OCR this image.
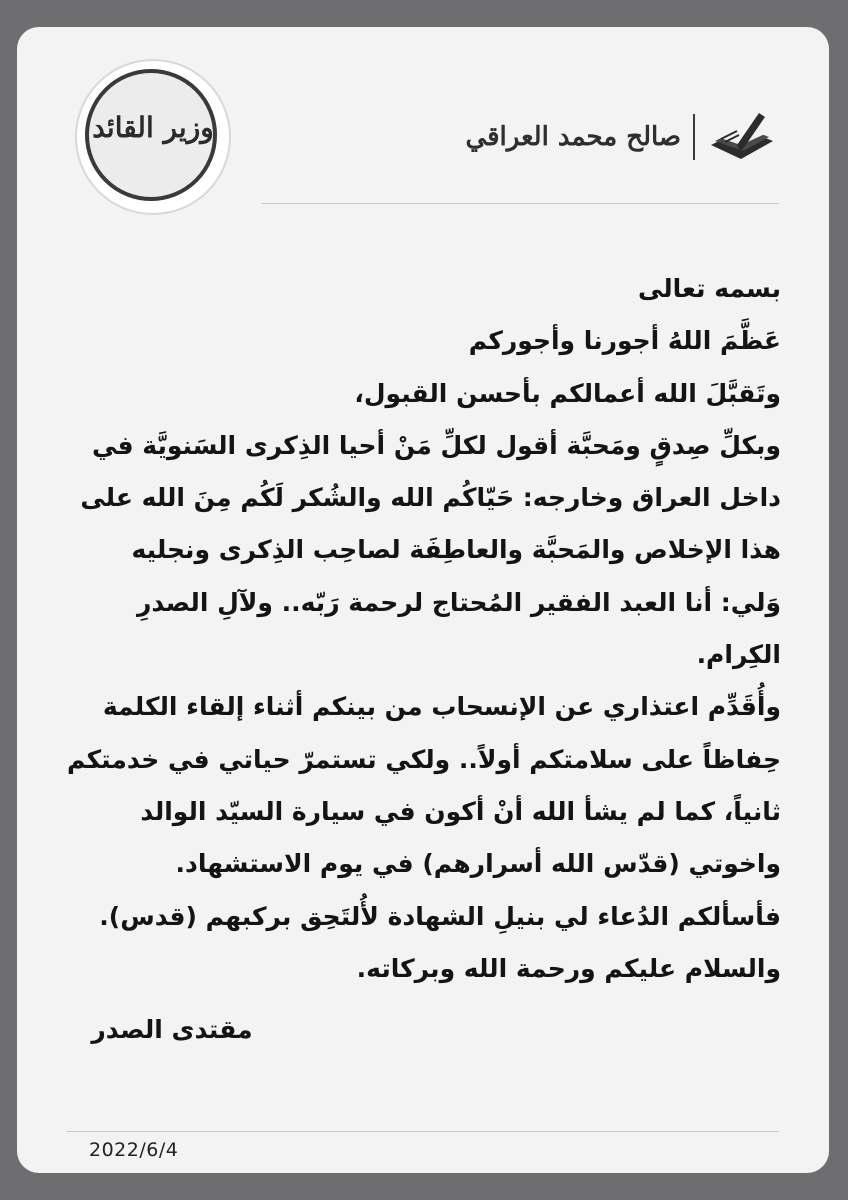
وزير القائد	صالح محمد العراقي

بسمه تعالى

عَظَّمَ اللهُ أجورنا وأجوركم

وتَقبَّلَ الله أعمالكم بأحسن القبول،

وبكلِّ صِدقٍ ومَحبَّة أقول لكلِّ مَنْ أحيا الذِكرى السَنويَّة في

داخل العراق وخارجه: حَيّاكُم الله والشُكر لَكُم مِنَ الله على

هذا الإخلاص والمَحبَّة والعاطِفَة لصاحِب الذِكرى ونجليه

وَلي: أنا العبد الفقير المُحتاج لرحمة رَبّه.. ولآلِ الصدرِ

الكِرام.

وأُقَدِّم اعتذاري عن الإنسحاب من بينكم أثناء إلقاء الكلمة

حِفاظاً على سلامتكم أولاً.. ولكي تستمرّ حياتي في خدمتكم

ثانياً، كما لم يشأ الله أنْ أكون في سيارة السيّد الوالد

واخوتي (قدّس الله أسرارهم) في يوم الاستشهاد.

فأسألكم الدُعاء لي بنيلِ الشهادة لأُلتَحِق بركبهم (قدس).

والسلام عليكم ورحمة الله وبركاته.

مقتدى الصدر
2022/6/4
